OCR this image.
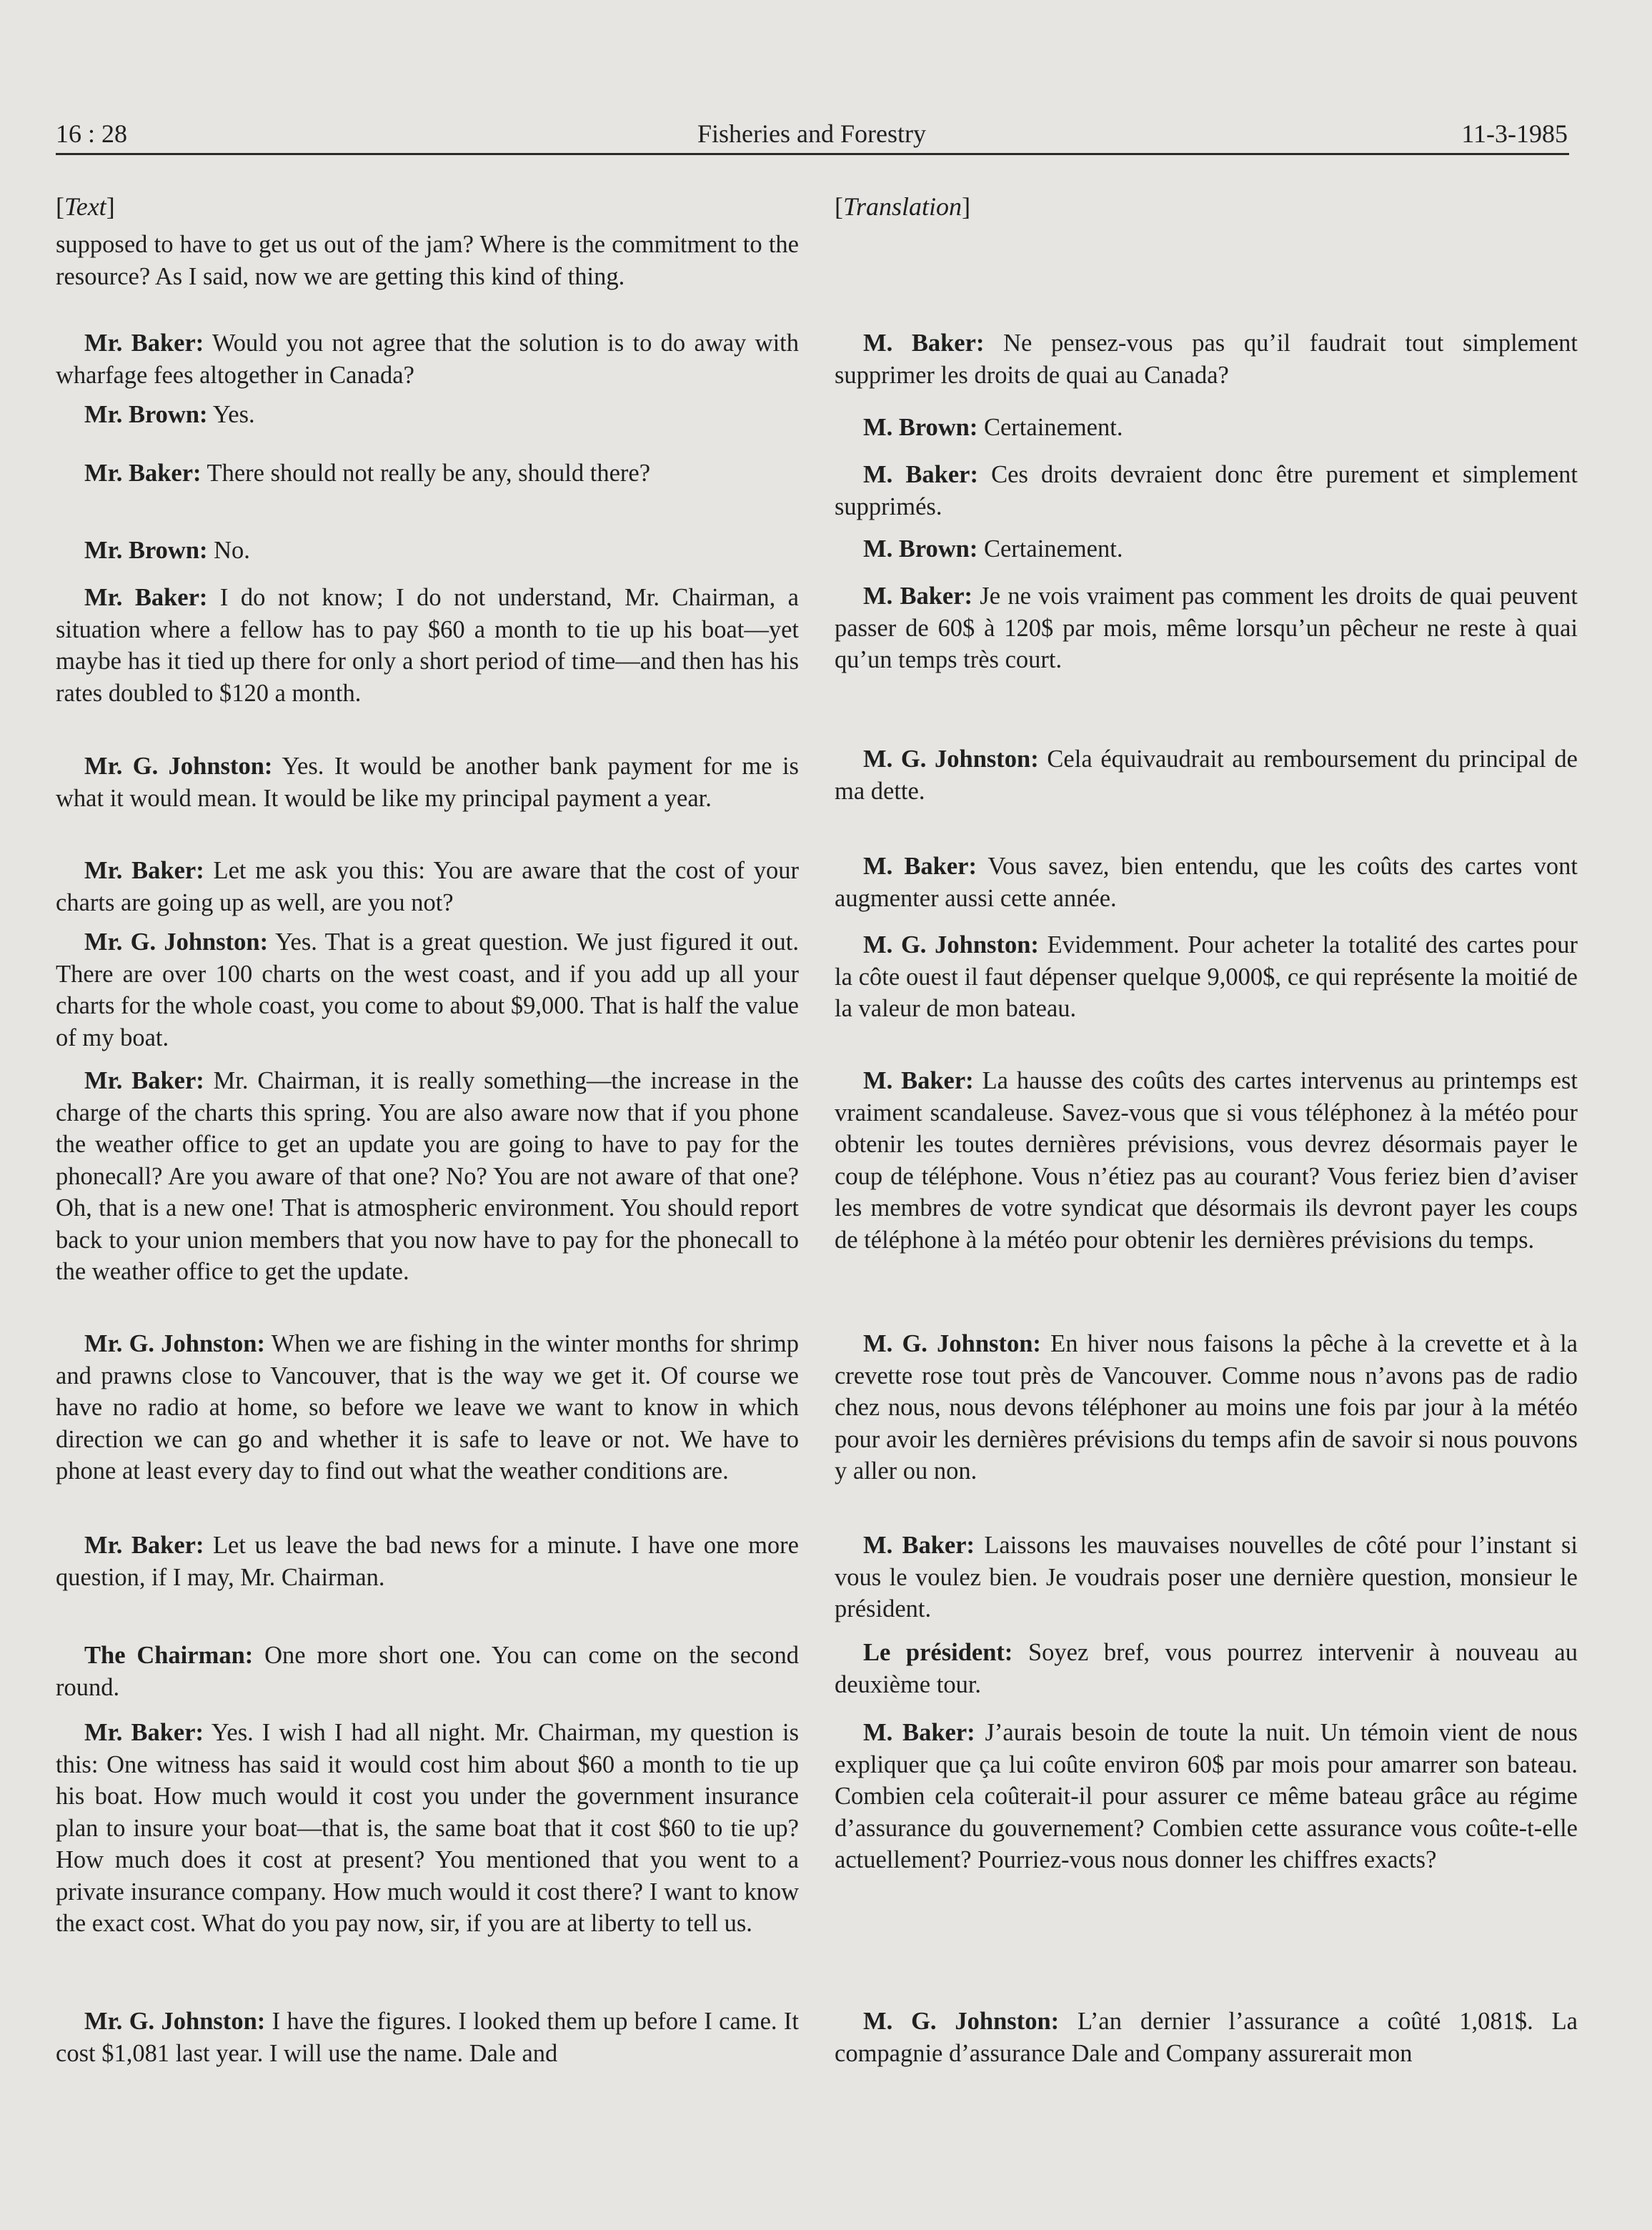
16 : 28	Fisheries and Forestry	11-3-1985

[Text]

supposed to have to get us out of the jam? Where is the commitment to the resource? As I said, now we are getting this kind of thing.

Mr. Baker: Would you not agree that the solution is to do away with wharfage fees altogether in Canada?

Mr. Brown: Yes.

Mr. Baker: There should not really be any, should there?

Mr. Brown: No.

Mr. Baker: I do not know; I do not understand, Mr. Chairman, a situation where a fellow has to pay $60 a month to tie up his boat—yet maybe has it tied up there for only a short period of time—and then has his rates doubled to $120 a month.

Mr. G. Johnston: Yes. It would be another bank payment for me is what it would mean. It would be like my principal payment a year.

Mr. Baker: Let me ask you this: You are aware that the cost of your charts are going up as well, are you not?

Mr. G. Johnston: Yes. That is a great question. We just figured it out. There are over 100 charts on the west coast, and if you add up all your charts for the whole coast, you come to about $9,000. That is half the value of my boat.

Mr. Baker: Mr. Chairman, it is really something—the increase in the charge of the charts this spring. You are also aware now that if you phone the weather office to get an update you are going to have to pay for the phonecall? Are you aware of that one? No? You are not aware of that one? Oh, that is a new one! That is atmospheric environment. You should report back to your union members that you now have to pay for the phonecall to the weather office to get the update.

Mr. G. Johnston: When we are fishing in the winter months for shrimp and prawns close to Vancouver, that is the way we get it. Of course we have no radio at home, so before we leave we want to know in which direction we can go and whether it is safe to leave or not. We have to phone at least every day to find out what the weather conditions are.

Mr. Baker: Let us leave the bad news for a minute. I have one more question, if I may, Mr. Chairman.

The Chairman: One more short one. You can come on the second round.

Mr. Baker: Yes. I wish I had all night. Mr. Chairman, my question is this: One witness has said it would cost him about $60 a month to tie up his boat. How much would it cost you under the government insurance plan to insure your boat—that is, the same boat that it cost $60 to tie up? How much does it cost at present? You mentioned that you went to a private insurance company. How much would it cost there? I want to know the exact cost. What do you pay now, sir, if you are at liberty to tell us.

Mr. G. Johnston: I have the figures. I looked them up before I came. It cost $1,081 last year. I will use the name. Dale and

[Translation]

M. Baker: Ne pensez-vous pas qu’il faudrait tout simplement supprimer les droits de quai au Canada?

M. Brown: Certainement.

M. Baker: Ces droits devraient donc être purement et simplement supprimés.

M. Brown: Certainement.

M. Baker: Je ne vois vraiment pas comment les droits de quai peuvent passer de 60$ à 120$ par mois, même lorsqu’un pêcheur ne reste à quai qu’un temps très court.

M. G. Johnston: Cela équivaudrait au remboursement du principal de ma dette.

M. Baker: Vous savez, bien entendu, que les coûts des cartes vont augmenter aussi cette année.

M. G. Johnston: Evidemment. Pour acheter la totalité des cartes pour la côte ouest il faut dépenser quelque 9,000$, ce qui représente la moitié de la valeur de mon bateau.

M. Baker: La hausse des coûts des cartes intervenus au printemps est vraiment scandaleuse. Savez-vous que si vous téléphonez à la météo pour obtenir les toutes dernières prévisions, vous devrez désormais payer le coup de téléphone. Vous n’étiez pas au courant? Vous feriez bien d’aviser les membres de votre syndicat que désormais ils devront payer les coups de téléphone à la météo pour obtenir les dernières prévisions du temps.

M. G. Johnston: En hiver nous faisons la pêche à la crevette et à la crevette rose tout près de Vancouver. Comme nous n’avons pas de radio chez nous, nous devons téléphoner au moins une fois par jour à la météo pour avoir les dernières prévisions du temps afin de savoir si nous pouvons y aller ou non.

M. Baker: Laissons les mauvaises nouvelles de côté pour l’instant si vous le voulez bien. Je voudrais poser une dernière question, monsieur le président.

Le président: Soyez bref, vous pourrez intervenir à nouveau au deuxième tour.

M. Baker: J’aurais besoin de toute la nuit. Un témoin vient de nous expliquer que ça lui coûte environ 60$ par mois pour amarrer son bateau. Combien cela coûterait-il pour assurer ce même bateau grâce au régime d’assurance du gouvernement? Combien cette assurance vous coûte-t-elle actuellement? Pourriez-vous nous donner les chiffres exacts?

M. G. Johnston: L’an dernier l’assurance a coûté 1,081$. La compagnie d’assurance Dale and Company assurerait mon
